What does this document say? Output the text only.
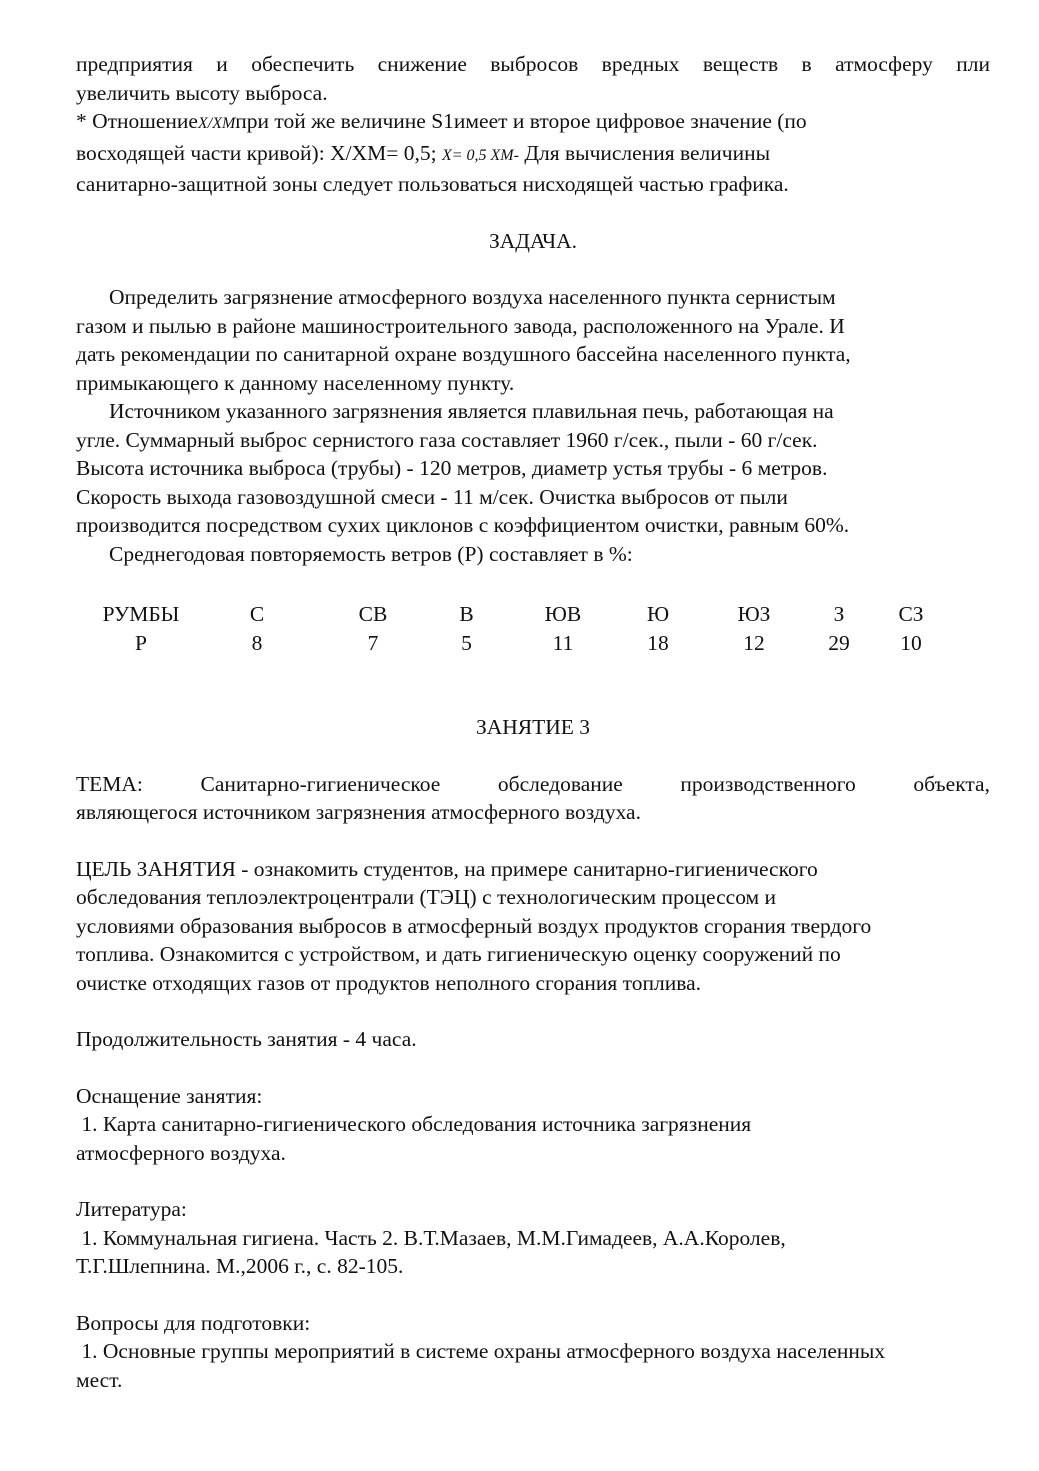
предприятия и обеспечить снижение выбросов вредных веществ в атмосферу пли
увеличить высоту выброса.
* ОтношениеX/XMпри той же величине S1имеет и второе цифровое значение (по
восходящей части кривой): X/XM= 0,5; X= 0,5 XM- Для вычисления величины
санитарно-защитной зоны следует пользоваться нисходящей частью графика.
ЗАДАЧА.
Определить загрязнение атмосферного воздуха населенного пункта сернистым
газом и пылью в районе машиностроительного завода, расположенного на Урале. И
дать рекомендации по санитарной охране воздушного бассейна населенного пункта,
примыкающего к данному населенному пункту.
Источником указанного загрязнения является плавильная печь, работающая на
угле. Суммарный выброс сернистого газа составляет 1960 г/сек., пыли - 60 г/сек.
Высота источника выброса (трубы) - 120 метров, диаметр устья трубы - 6 метров.
Скорость выхода газовоздушной смеси - 11 м/сек. Очистка выбросов от пыли
производится посредством сухих циклонов с коэффициентом очистки, равным 60%.
Среднегодовая повторяемость ветров (Р) составляет в %:
РУМБЫ	С	СВ	В	ЮВ	Ю	ЮЗ	З	СЗ
Р	8	7	5	11	18	12	29	10
ЗАНЯТИЕ 3
ТЕМА:	Санитарно-гигиеническое	обследование	производственного	объекта,
являющегося источником загрязнения атмосферного воздуха.
ЦЕЛЬ ЗАНЯТИЯ - ознакомить студентов, на примере санитарно-гигиенического
обследования теплоэлектроцентрали (ТЭЦ) с технологическим процессом и
условиями образования выбросов в атмосферный воздух продуктов сгорания твердого
топлива. Ознакомится с устройством, и дать гигиеническую оценку сооружений по
очистке отходящих газов от продуктов неполного сгорания топлива.
Продолжительность занятия - 4 часа.
Оснащение занятия:
1. Карта санитарно-гигиенического обследования источника загрязнения
атмосферного воздуха.
Литература:
1. Коммунальная гигиена. Часть 2. В.Т.Мазаев, М.М.Гимадеев, А.А.Королев,
Т.Г.Шлепнина. М.,2006 г., с. 82-105.
Вопросы для подготовки:
1. Основные группы мероприятий в системе охраны атмосферного воздуха населенных
мест.
